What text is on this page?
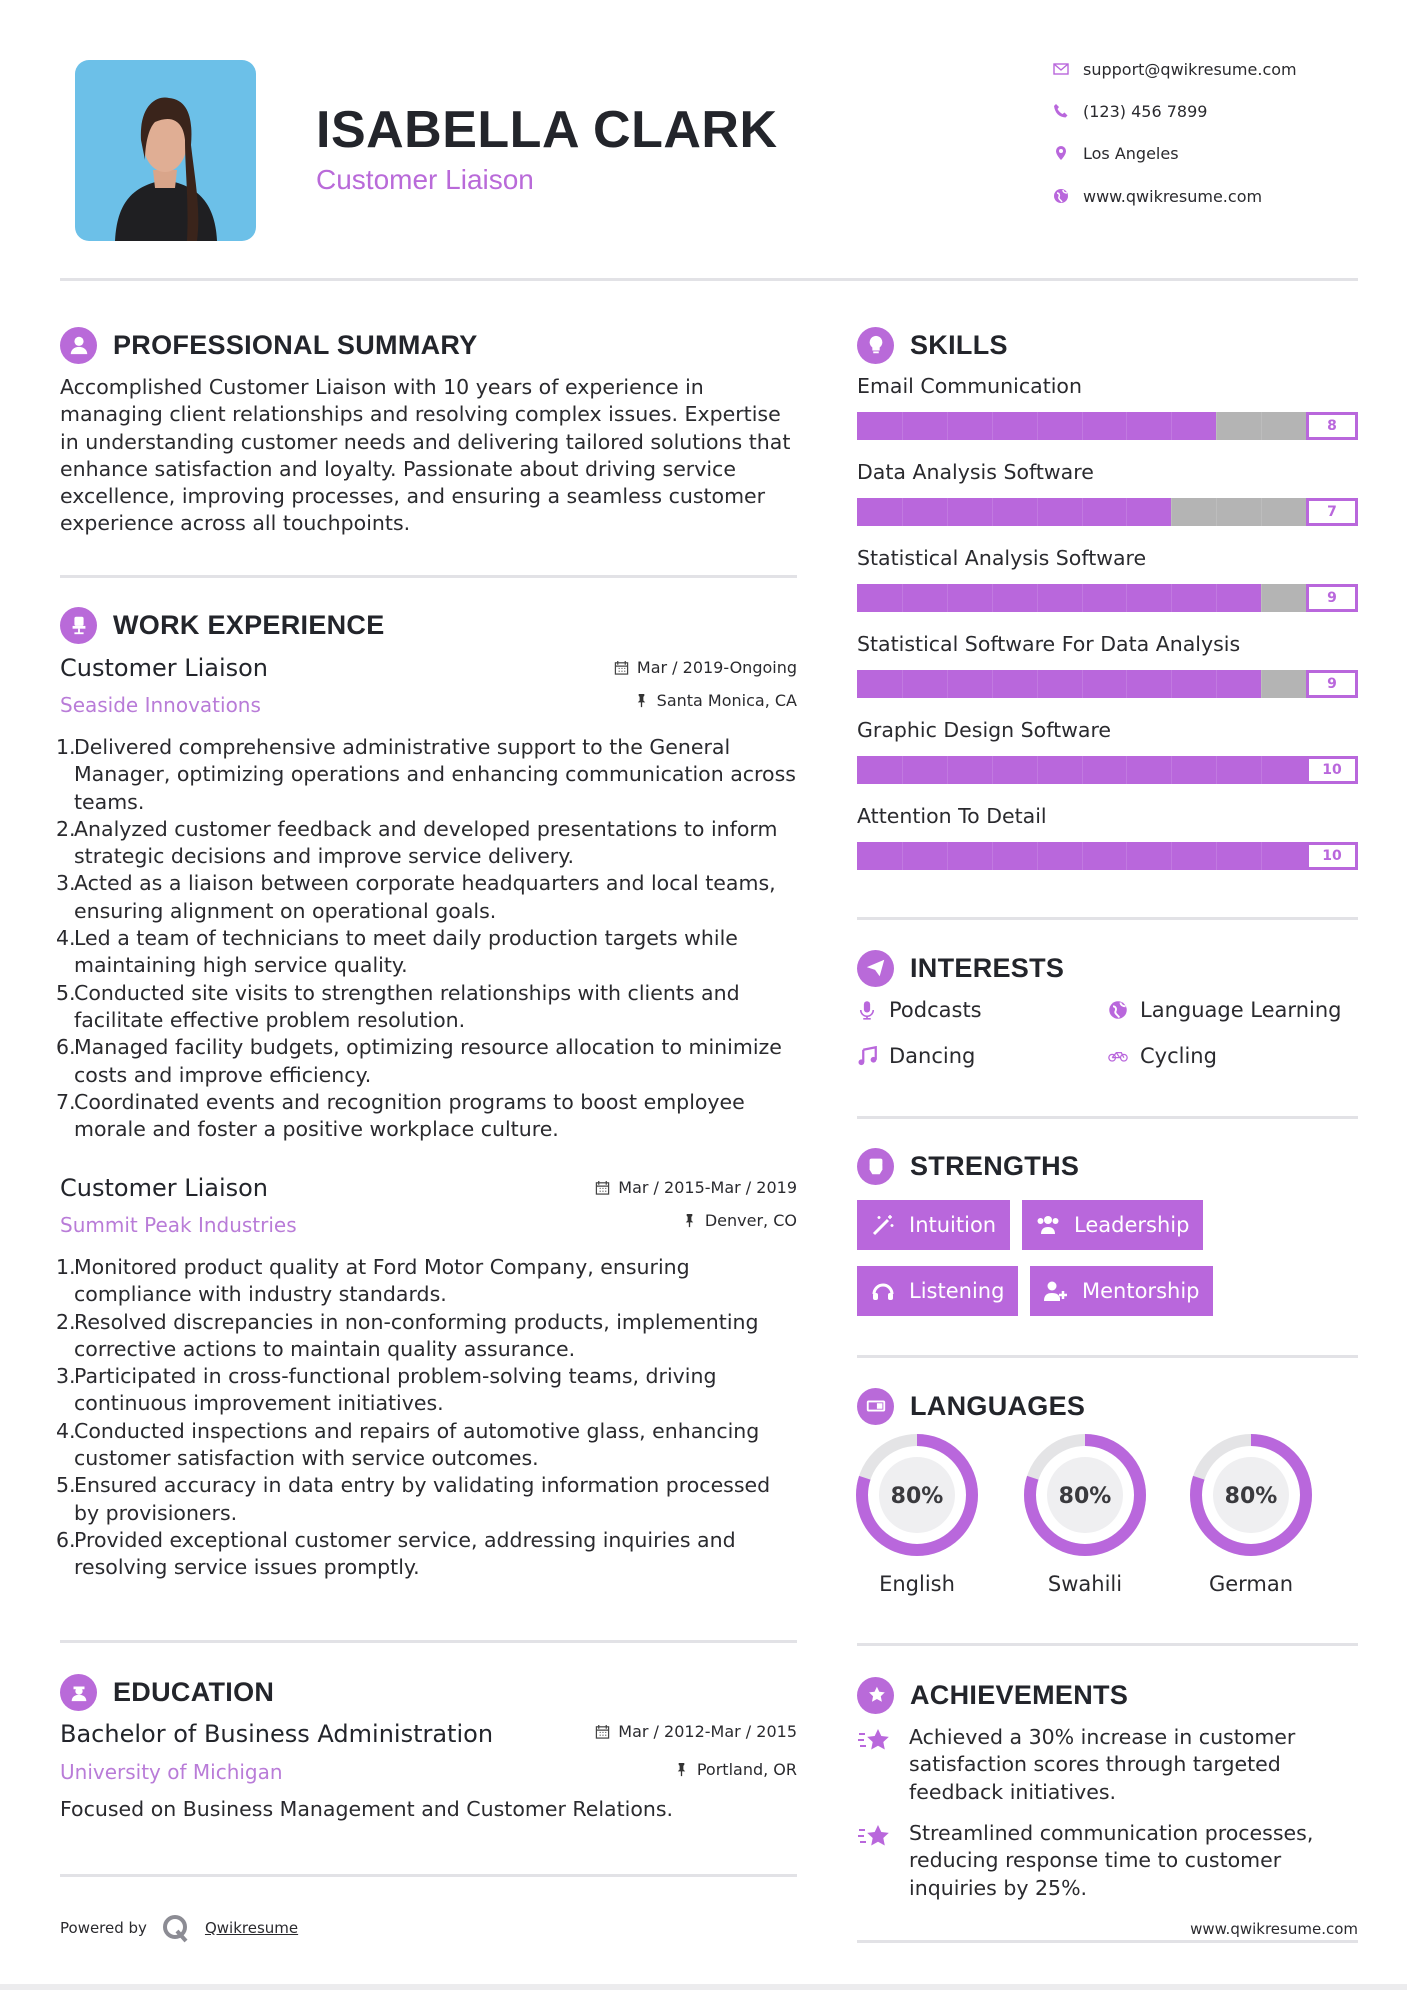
ISABELLA CLARK
Customer Liaison
support@qwikresume.com
(123) 456 7899
Los Angeles
www.qwikresume.com
PROFESSIONAL SUMMARY
Accomplished Customer Liaison with 10 years of experience in managing client relationships and resolving complex issues. Expertise in understanding customer needs and delivering tailored solutions that enhance satisfaction and loyalty. Passionate about driving service excellence, improving processes, and ensuring a seamless customer experience across all touchpoints.
WORK EXPERIENCE
Customer Liaison	Mar / 2019-Ongoing
Seaside Innovations	Santa Monica, CA
1.
Delivered comprehensive administrative support to the General Manager, optimizing operations and enhancing communication across teams.
2.
Analyzed customer feedback and developed presentations to inform strategic decisions and improve service delivery.
3.
Acted as a liaison between corporate headquarters and local teams, ensuring alignment on operational goals.
4.
Led a team of technicians to meet daily production targets while maintaining high service quality.
5.
Conducted site visits to strengthen relationships with clients and facilitate effective problem resolution.
6.
Managed facility budgets, optimizing resource allocation to minimize costs and improve efficiency.
7.
Coordinated events and recognition programs to boost employee morale and foster a positive workplace culture.
Customer Liaison	Mar / 2015-Mar / 2019
Summit Peak Industries	Denver, CO
1.
Monitored product quality at Ford Motor Company, ensuring compliance with industry standards.
2.
Resolved discrepancies in non-conforming products, implementing corrective actions to maintain quality assurance.
3.
Participated in cross-functional problem-solving teams, driving continuous improvement initiatives.
4.
Conducted inspections and repairs of automotive glass, enhancing customer satisfaction with service outcomes.
5.
Ensured accuracy in data entry by validating information processed by provisioners.
6.
Provided exceptional customer service, addressing inquiries and resolving service issues promptly.
EDUCATION
Bachelor of Business Administration	Mar / 2012-Mar / 2015
University of Michigan	Portland, OR
Focused on Business Management and Customer Relations.
Powered by	Qwikresume
SKILLS
Email Communication
8
Data Analysis Software
7
Statistical Analysis Software
9
Statistical Software For Data Analysis
9
Graphic Design Software
10
Attention To Detail
10
INTERESTS
Podcasts	Language Learning
Dancing	Cycling
STRENGTHS
Intuition	Leadership
Listening	Mentorship
LANGUAGES
80%
English
80%
Swahili
80%
German
ACHIEVEMENTS
Achieved a 30% increase in customer satisfaction scores through targeted feedback initiatives.
Streamlined communication processes, reducing response time to customer inquiries by 25%.
www.qwikresume.com
